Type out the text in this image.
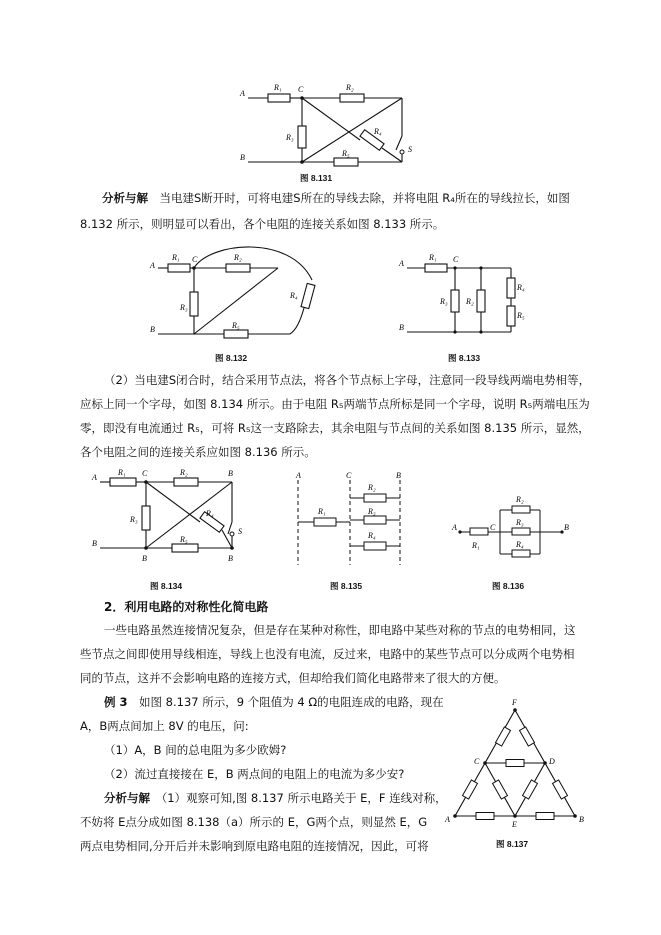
A
B
C
R₁	R₂
R₃
R₄
R₅	S
图 8.131
分析与解　当电建S断开时，可将电建S所在的导线去除，并将电阻 R₄所在的导线拉长，如图
8.132 所示，则明显可以看出，各个电阻的连接关系如图 8.133 所示。
A
B
C
R₁	R₂
R₃
R₄
R₅
图 8.132
A
B
C
R₁
R₃ R₂
R₄
R₅
图 8.133
（2）当电建S闭合时，结合采用节点法，将各个节点标上字母，注意同一段导线两端电势相等，
应标上同一个字母，如图 8.134 所示。由于电阻 R₅两端节点所标是同一个字母，说明 R₅两端电压为
零，即没有电流通过 R₅，可将 R₅这一支路除去，其余电阻与节点间的关系如图 8.135 所示，显然，
各个电阻之间的连接关系应如图 8.136 所示。
A
B
C	B
B	B
R₁	R₂
R₃
R₄
R₅
S
图 8.134
A	C	B
R₁
R₂
R₃
R₄
图 8.135
A	C	B
R₁
R₂
R₃
R₄
图 8.136
2．利用电路的对称性化简电路
一些电路虽然连接情况复杂，但是存在某种对称性，即电路中某些对称的节点的电势相同，这
些节点之间即使用导线相连，导线上也没有电流，反过来，电路中的某些节点可以分成两个电势相
同的节点，这并不会影响电路的连接方式，但却给我们简化电路带来了很大的方便。
例 3　如图 8.137 所示，9 个阻值为 4 Ω的电阻连成的电路，现在
A，B两点间加上 8V 的电压，问:
（1）A，B 间的总电阻为多少欧姆?
（2）流过直接接在 E，B 两点间的电阻上的电流为多少安?
分析与解　（1）观察可知,图 8.137 所示电路关于 E，F 连线对称，
不妨将 E点分成如图 8.138（a）所示的 E，G两个点，则显然 E，G
两点电势相同,分开后并未影响到原电路电阻的连接情况，因此，可将
F
C	D
A
E
B
图 8.137
